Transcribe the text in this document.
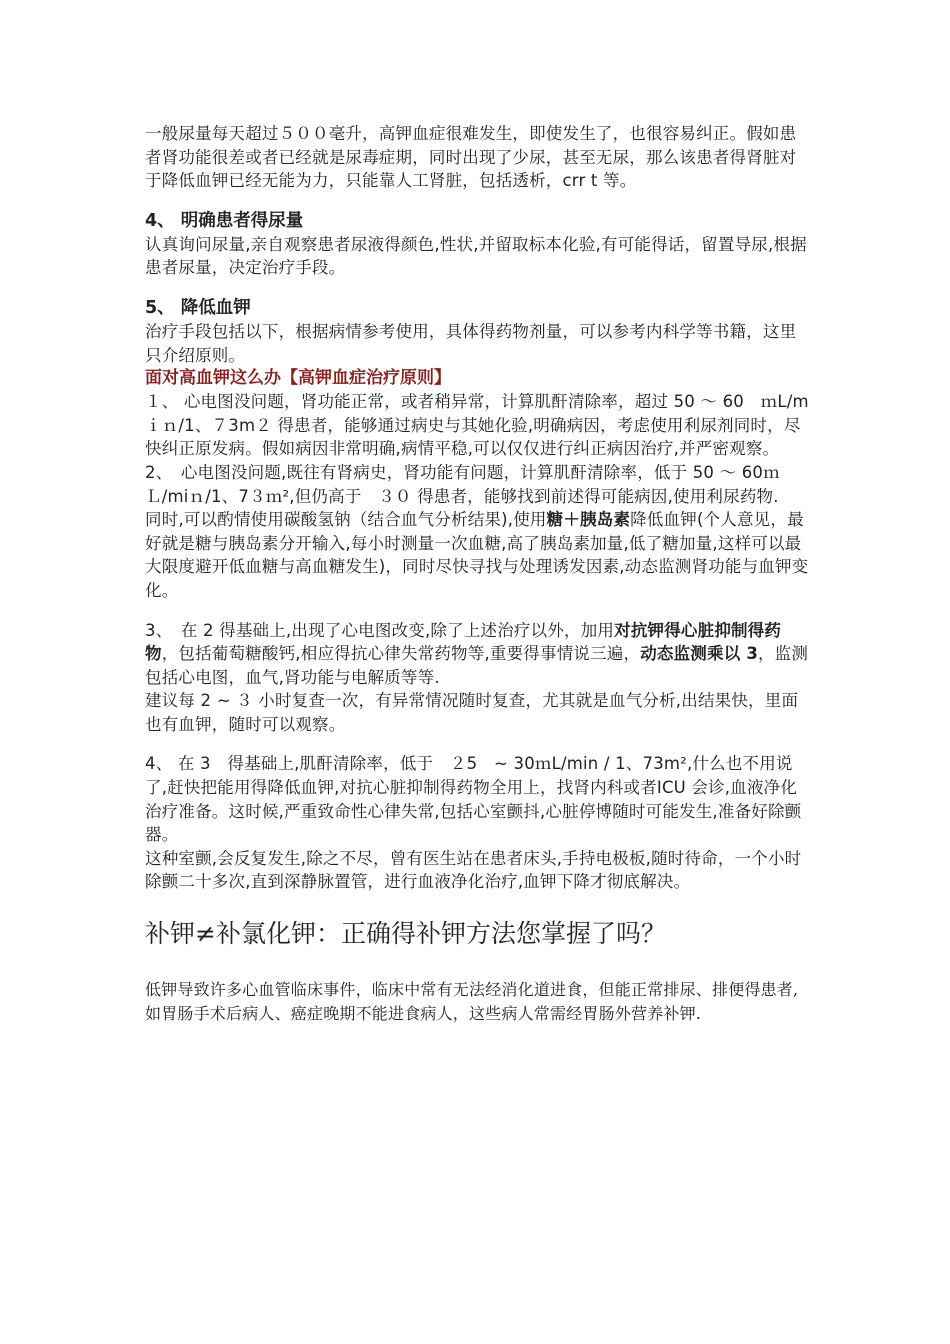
一般尿量每天超过５００毫升，高钾血症很难发生，即使发生了，也很容易纠正。假如患者肾功能很差或者已经就是尿毒症期，同时出现了少尿，甚至无尿，那么该患者得肾脏对于降低血钾已经无能为力，只能靠人工肾脏，包括透析，crr t 等。

4、 明确患者得尿量

认真询问尿量,亲自观察患者尿液得颜色,性状,并留取标本化验,有可能得话，留置导尿,根据患者尿量，决定治疗手段。

5、 降低血钾

治疗手段包括以下，根据病情参考使用，具体得药物剂量，可以参考内科学等书籍，这里只介绍原则。

面对高血钾这么办【高钾血症治疗原则】

１、 心电图没问题，肾功能正常，或者稍异常，计算肌酐清除率，超过 50 ～ 60　ｍL/mｉｎ/1、７3m２ 得患者，能够通过病史与其她化验,明确病因，考虑使用利尿剂同时，尽快纠正原发病。假如病因非常明确,病情平稳,可以仅仅进行纠正病因治疗,并严密观察。

2、　心电图没问题,既往有肾病史，肾功能有问题，计算肌酐清除率，低于 50 ～ 60ｍＬ/miｎ/1、7３ｍ²,但仍高于　３０ 得患者，能够找到前述得可能病因,使用利尿药物.

同时,可以酌情使用碳酸氢钠（结合血气分析结果),使用糖＋胰岛素降低血钾(个人意见，最好就是糖与胰岛素分开输入,每小时测量一次血糖,高了胰岛素加量,低了糖加量,这样可以最大限度避开低血糖与高血糖发生)，同时尽快寻找与处理诱发因素,动态监测肾功能与血钾变化。

3、　在 2 得基础上,出现了心电图改变,除了上述治疗以外，加用对抗钾得心脏抑制得药物，包括葡萄糖酸钙,相应得抗心律失常药物等,重要得事情说三遍，动态监测乘以 3，监测包括心电图，血气,肾功能与电解质等等.

建议每 2 ~ ３ 小时复查一次，有异常情况随时复查，尤其就是血气分析,出结果快，里面也有血钾，随时可以观察。

4、 在 3　得基础上,肌酐清除率，低于　２5　~ 30ｍL/min / 1、73m²,什么也不用说了,赶快把能用得降低血钾,对抗心脏抑制得药物全用上，找肾内科或者ICU 会诊,血液净化治疗准备。这时候,严重致命性心律失常,包括心室颤抖,心脏停博随时可能发生,准备好除颤器。

这种室颤,会反复发生,除之不尽，曾有医生站在患者床头,手持电极板,随时待命，一个小时除颤二十多次,直到深静脉置管，进行血液净化治疗,血钾下降才彻底解决。

补钾≠补氯化钾：正确得补钾方法您掌握了吗？

低钾导致许多心血管临床事件，临床中常有无法经消化道进食，但能正常排尿、排便得患者,如胃肠手术后病人、癌症晚期不能进食病人，这些病人常需经胃肠外营养补钾.
